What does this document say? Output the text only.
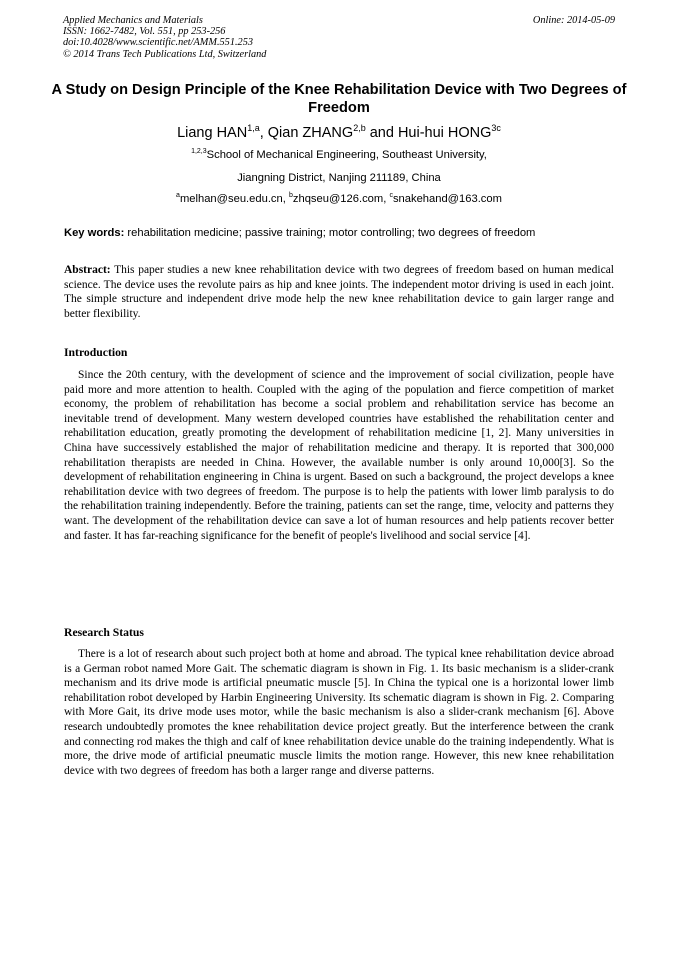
Applied Mechanics and Materials
ISSN: 1662-7482, Vol. 551, pp 253-256
doi:10.4028/www.scientific.net/AMM.551.253
© 2014 Trans Tech Publications Ltd, Switzerland
Online: 2014-05-09
A Study on Design Principle of the Knee Rehabilitation Device with Two Degrees of Freedom
Liang HAN$^{1,a}$, Qian ZHANG$^{2,b}$ and Hui-hui $HONG^{3c}$
$^{1,2,3}$School of Mechanical Engineering, Southeast University,
Jiangning District, Nanjing 211189, China
$^a$melhan@seu.edu.cn, $^b$zhqseu@126.com, $^c$snakehand@163.com
Key words: rehabilitation medicine; passive training; motor controlling; two degrees of freedom
Abstract: This paper studies a new knee rehabilitation device with two degrees of freedom based on human medical science. The device uses the revolute pairs as hip and knee joints. The independent motor driving is used in each joint. The simple structure and independent drive mode help the new knee rehabilitation device to gain larger range and better flexibility.
Introduction
Since the 20th century, with the development of science and the improvement of social civilization, people have paid more and more attention to health. Coupled with the aging of the population and fierce competition of market economy, the problem of rehabilitation has become a social problem and rehabilitation service has become an inevitable trend of development. Many western developed countries have established the rehabilitation center and rehabilitation education, greatly promoting the development of rehabilitation medicine [1, 2]. Many universities in China have successively established the major of rehabilitation medicine and therapy. It is reported that 300,000 rehabilitation therapists are needed in China. However, the available number is only around 10,000[3]. So the development of rehabilitation engineering in China is urgent. Based on such a background, the project develops a knee rehabilitation device with two degrees of freedom. The purpose is to help the patients with lower limb paralysis to do the rehabilitation training independently. Before the training, patients can set the range, time, velocity and patterns they want. The development of the rehabilitation device can save a lot of human resources and help patients recover better and faster. It has far-reaching significance for the benefit of people's livelihood and social service [4].
Research Status
There is a lot of research about such project both at home and abroad. The typical knee rehabilitation device abroad is a German robot named More Gait. The schematic diagram is shown in Fig. 1. Its basic mechanism is a slider-crank mechanism and its drive mode is artificial pneumatic muscle [5]. In China the typical one is a horizontal lower limb rehabilitation robot developed by Harbin Engineering University. Its schematic diagram is shown in Fig. 2. Comparing with More Gait, its drive mode uses motor, while the basic mechanism is also a slider-crank mechanism [6]. Above research undoubtedly promotes the knee rehabilitation device project greatly. But the interference between the crank and connecting rod makes the thigh and calf of knee rehabilitation device unable do the training independently. What is more, the drive mode of artificial pneumatic muscle limits the motion range. However, this new knee rehabilitation device with two degrees of freedom has both a larger range and diverse patterns.
